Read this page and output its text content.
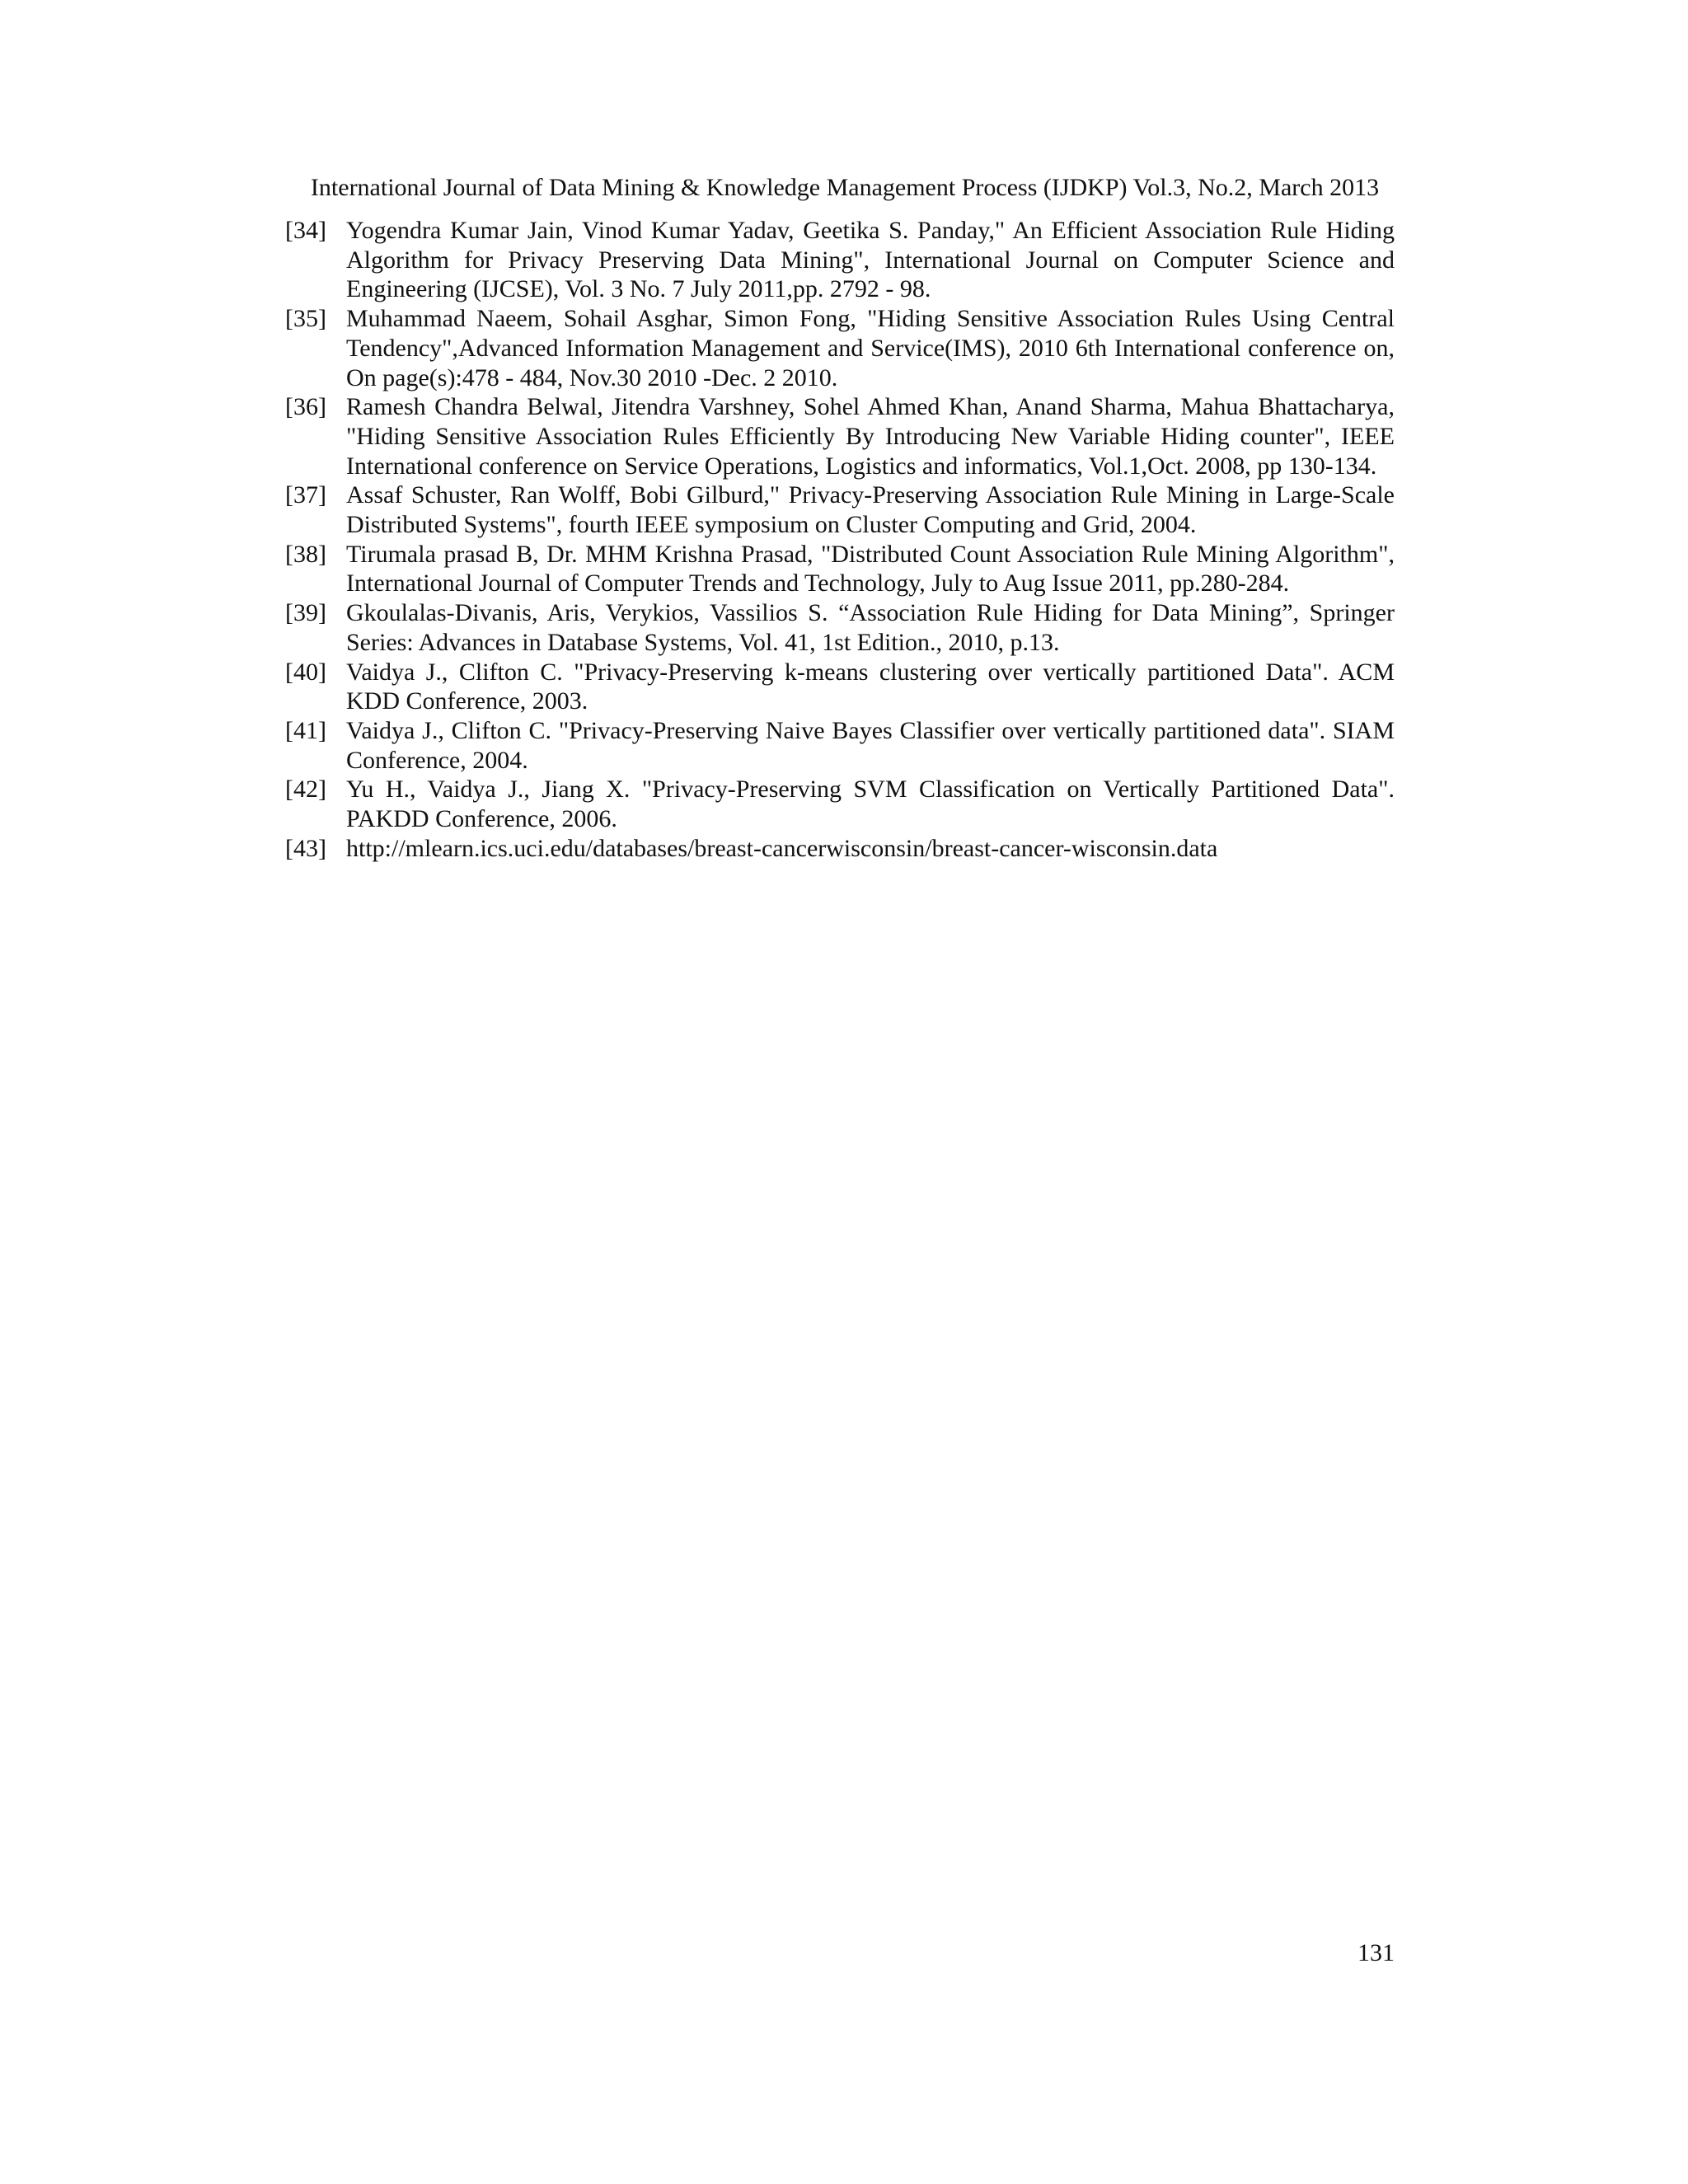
International Journal of Data Mining & Knowledge Management Process (IJDKP) Vol.3, No.2, March 2013
[34] Yogendra Kumar Jain, Vinod Kumar Yadav, Geetika S. Panday," An Efficient Association Rule Hiding Algorithm for Privacy Preserving Data Mining", International Journal on Computer Science and Engineering (IJCSE), Vol. 3 No. 7 July 2011,pp. 2792 - 98.
[35] Muhammad Naeem, Sohail Asghar, Simon Fong, "Hiding Sensitive Association Rules Using Central Tendency",Advanced Information Management and Service(IMS), 2010 6th International conference on, On page(s):478 - 484, Nov.30 2010 -Dec. 2 2010.
[36] Ramesh Chandra Belwal, Jitendra Varshney, Sohel Ahmed Khan, Anand Sharma, Mahua Bhattacharya, "Hiding Sensitive Association Rules Efficiently By Introducing New Variable Hiding counter", IEEE International conference on Service Operations, Logistics and informatics, Vol.1,Oct. 2008, pp 130-134.
[37] Assaf Schuster, Ran Wolff, Bobi Gilburd," Privacy-Preserving Association Rule Mining in Large-Scale Distributed Systems", fourth IEEE symposium on Cluster Computing and Grid, 2004.
[38] Tirumala prasad B, Dr. MHM Krishna Prasad, "Distributed Count Association Rule Mining Algorithm", International Journal of Computer Trends and Technology, July to Aug Issue 2011, pp.280-284.
[39] Gkoulalas-Divanis, Aris, Verykios, Vassilios S. “Association Rule Hiding for Data Mining”, Springer Series: Advances in Database Systems, Vol. 41, 1st Edition., 2010, p.13.
[40] Vaidya J., Clifton C. "Privacy-Preserving k-means clustering over vertically partitioned Data". ACM KDD Conference, 2003.
[41] Vaidya J., Clifton C. "Privacy-Preserving Naive Bayes Classifier over vertically partitioned data". SIAM Conference, 2004.
[42] Yu H., Vaidya J., Jiang X. "Privacy-Preserving SVM Classification on Vertically Partitioned Data". PAKDD Conference, 2006.
[43] http://mlearn.ics.uci.edu/databases/breast-cancerwisconsin/breast-cancer-wisconsin.data
131
